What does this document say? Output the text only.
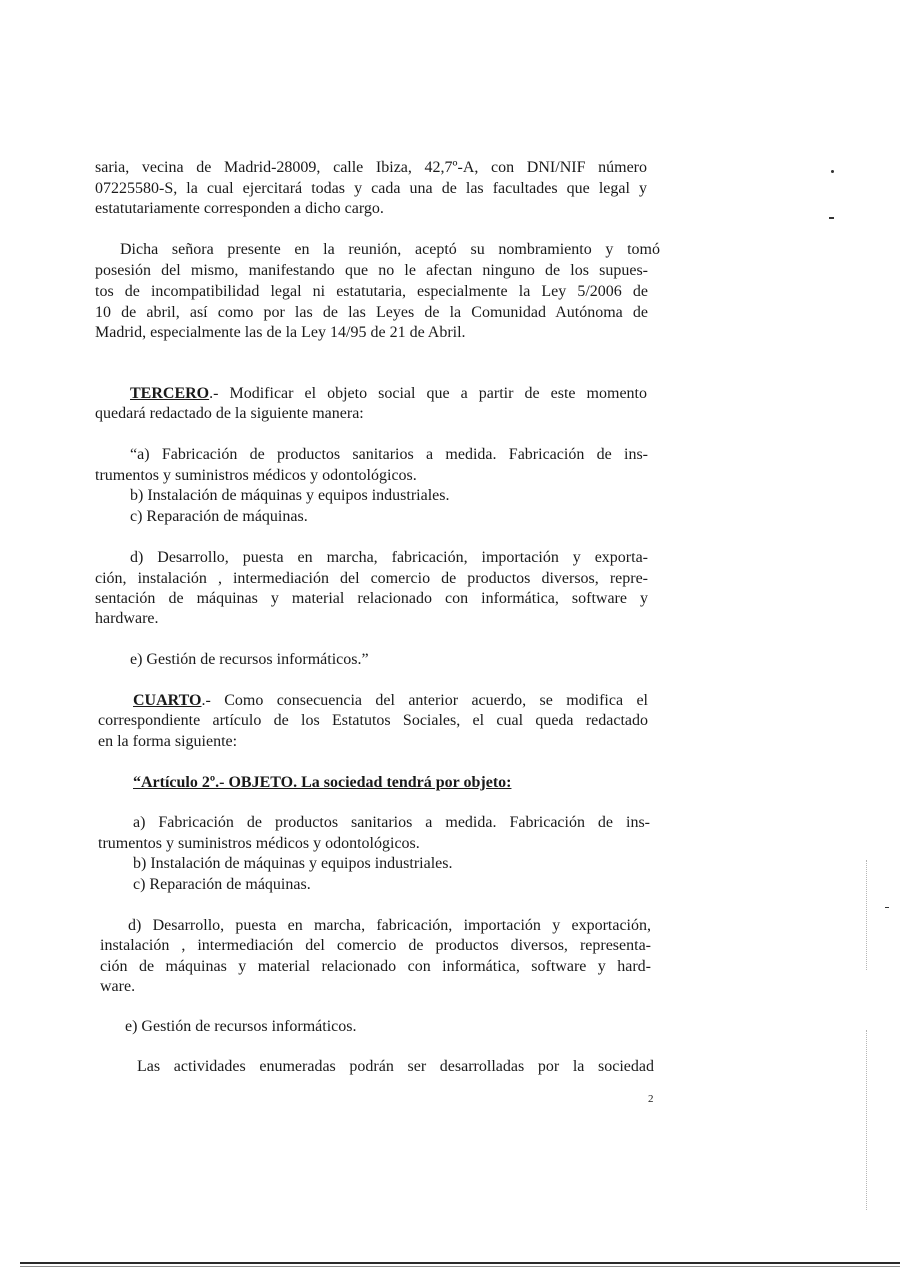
saria, vecina de Madrid-28009, calle Ibiza, 42,7º-A, con DNI/NIF número
07225580-S, la cual ejercitará todas y cada una de las facultades que legal y
estatutariamente corresponden a dicho cargo.
Dicha señora presente en la reunión, aceptó su nombramiento y tomó
posesión del mismo, manifestando que no le afectan ninguno de los supues-
tos de incompatibilidad legal ni estatutaria, especialmente la Ley 5/2006 de
10 de abril, así como por las de las Leyes de la Comunidad Autónoma de
Madrid, especialmente las de la Ley 14/95 de 21 de Abril.
TERCERO.- Modificar el objeto social que a partir de este momento
quedará redactado de la siguiente manera:
“a) Fabricación de productos sanitarios a medida. Fabricación de ins-
trumentos y suministros médicos y odontológicos.
b) Instalación de máquinas y equipos industriales.
c) Reparación de máquinas.
d) Desarrollo, puesta en marcha, fabricación, importación y exporta-
ción, instalación , intermediación del comercio de productos diversos, repre-
sentación de máquinas y material relacionado con informática, software y
hardware.
e) Gestión de recursos informáticos.”
CUARTO.- Como consecuencia del anterior acuerdo, se modifica el
correspondiente artículo de los Estatutos Sociales, el cual queda redactado
en la forma siguiente:
“Artículo 2º.- OBJETO. La sociedad tendrá por objeto:
a) Fabricación de productos sanitarios a medida. Fabricación de ins-
trumentos y suministros médicos y odontológicos.
b) Instalación de máquinas y equipos industriales.
c) Reparación de máquinas.
d) Desarrollo, puesta en marcha, fabricación, importación y exportación,
instalación , intermediación del comercio de productos diversos, representa-
ción de máquinas y material relacionado con informática, software y hard-
ware.
e) Gestión de recursos informáticos.
Las actividades enumeradas podrán ser desarrolladas por la sociedad
2
